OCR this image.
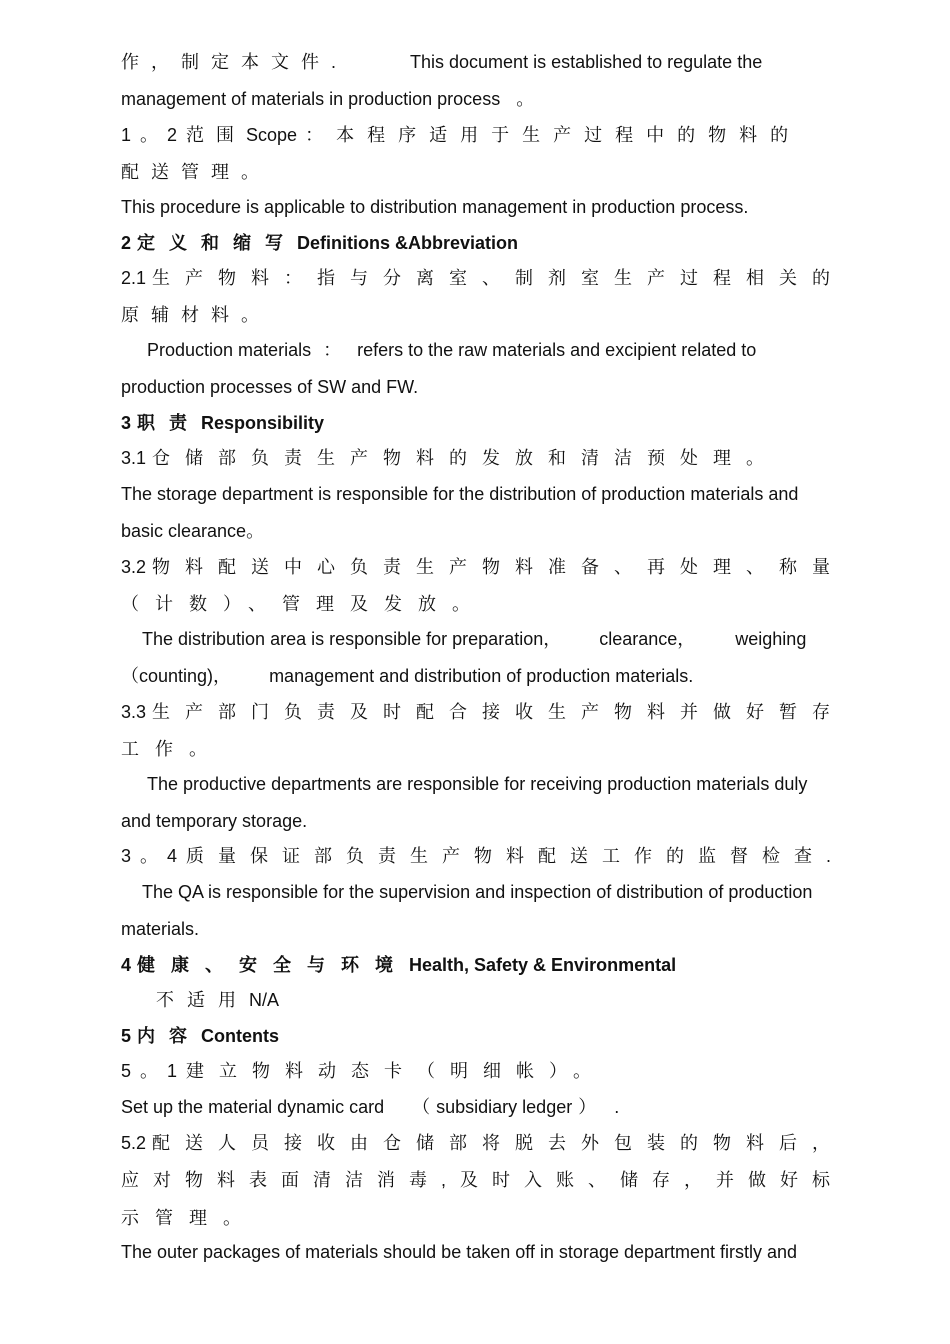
作，制定本文件.	This document is established to regulate the
management of materials in production process 。
1。2范围Scope ：本程序适用于生产过程中的物料的
配送管理。
This procedure is applicable to distribution management in production process.
2 定义和缩写Definitions &Abbreviation
2.1 生产物料：指与分离室、制剂室生产过程相关的
原辅材料。
Production materials ： refers to the raw materials and excipient related to
production processes of SW and FW.
3 职责Responsibility
3.1 仓储部负责生产物料的发放和清洁预处理。
The storage department is responsible for the distribution of production materials and
basic clearance。
3.2 物料配送中心负责生产物料准备、再处理、称量
（计数）、管理及发放。
The distribution area is responsible for preparation， clearance， weighing
（counting)， management and distribution of production materials.
3.3 生产部门负责及时配合接收生产物料并做好暂存
工作。
The productive departments are responsible for receiving production materials duly
and temporary storage.
3。4质量保证部负责生产物料配送工作的监督检查.
The QA is responsible for the supervision and inspection of distribution of production
materials.
4 健康、安全与环境Health, Safety & Environmental
不适用N/A
5 内容Contents
5。1建立物料动态卡（明细帐）。
Set up the material dynamic card （ subsidiary ledger ） .
5.2 配送人员接收由仓储部将脱去外包装的物料后，
应对物料表面清洁消毒,及时入账、储存，并做好标
示管理。
The outer packages of materials should be taken off in storage department firstly and
